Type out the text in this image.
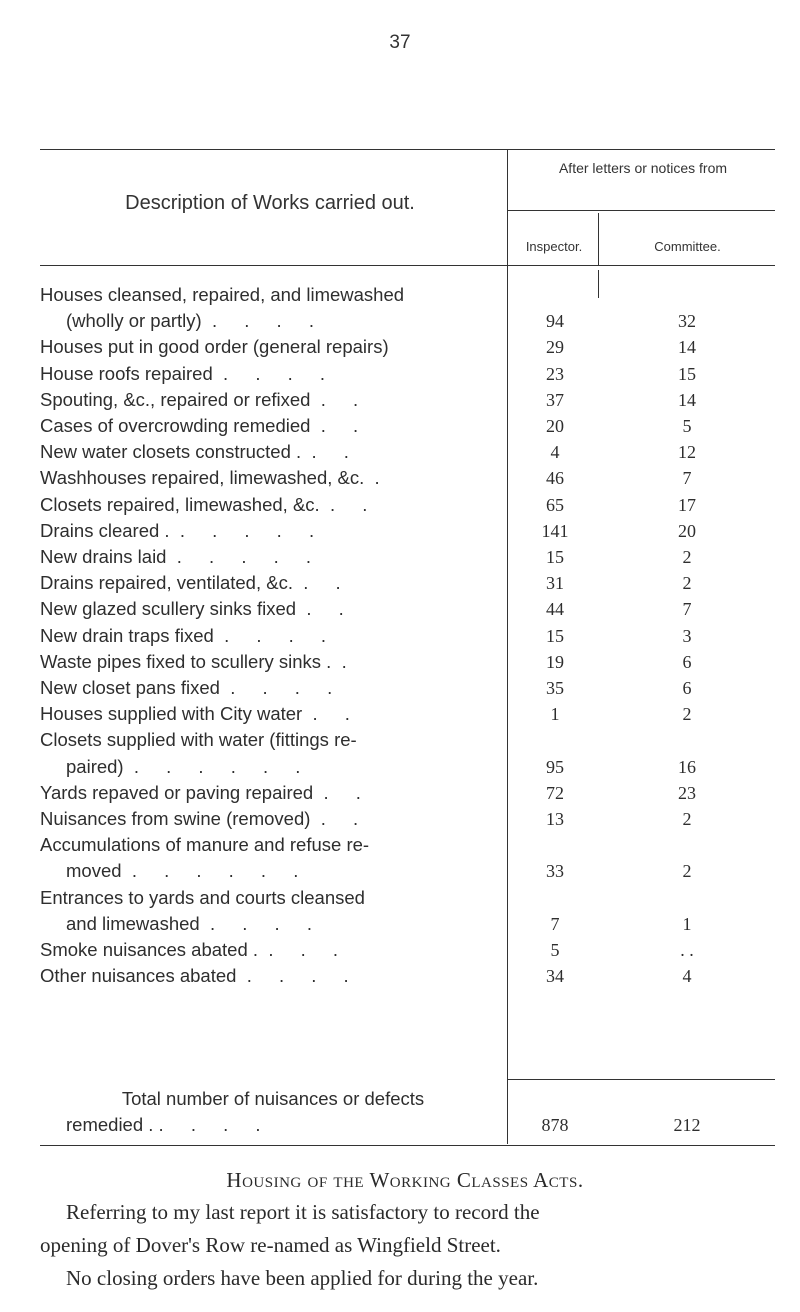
37
Description of Works carried out.
After letters or notices from
Inspector.	Committee.
Houses cleansed, repaired, and limewashed
(wholly or partly) . . . .	94	32
Houses put in good order (general repairs)	29	14
House roofs repaired . . . .	23	15
Spouting, &c., repaired or refixed . .	37	14
Cases of overcrowding remedied . .	20	5
New water closets constructed . . .	4	12
Washhouses repaired, limewashed, &c. .	46	7
Closets repaired, limewashed, &c. . .	65	17
Drains cleared . . . . . .	141	20
New drains laid . . . . .	15	2
Drains repaired, ventilated, &c. . .	31	2
New glazed scullery sinks fixed . .	44	7
New drain traps fixed . . . .	15	3
Waste pipes fixed to scullery sinks . .	19	6
New closet pans fixed . . . .	35	6
Houses supplied with City water . .	1	2
Closets supplied with water (fittings re-
paired) . . . . . .	95	16
Yards repaved or paving repaired . .	72	23
Nuisances from swine (removed) . .	13	2
Accumulations of manure and refuse re-
moved . . . . . .	33	2
Entrances to yards and courts cleansed
and limewashed . . . .	7	1
Smoke nuisances abated . . . .	5	. .
Other nuisances abated . . . .	34	4
Total number of nuisances or defects
remedied . . . . .	878	212
Housing of the Working Classes Acts.
Referring to my last report it is satisfactory to record the
opening of Dover's Row re-named as Wingfield Street.
No closing orders have been applied for during the year.
